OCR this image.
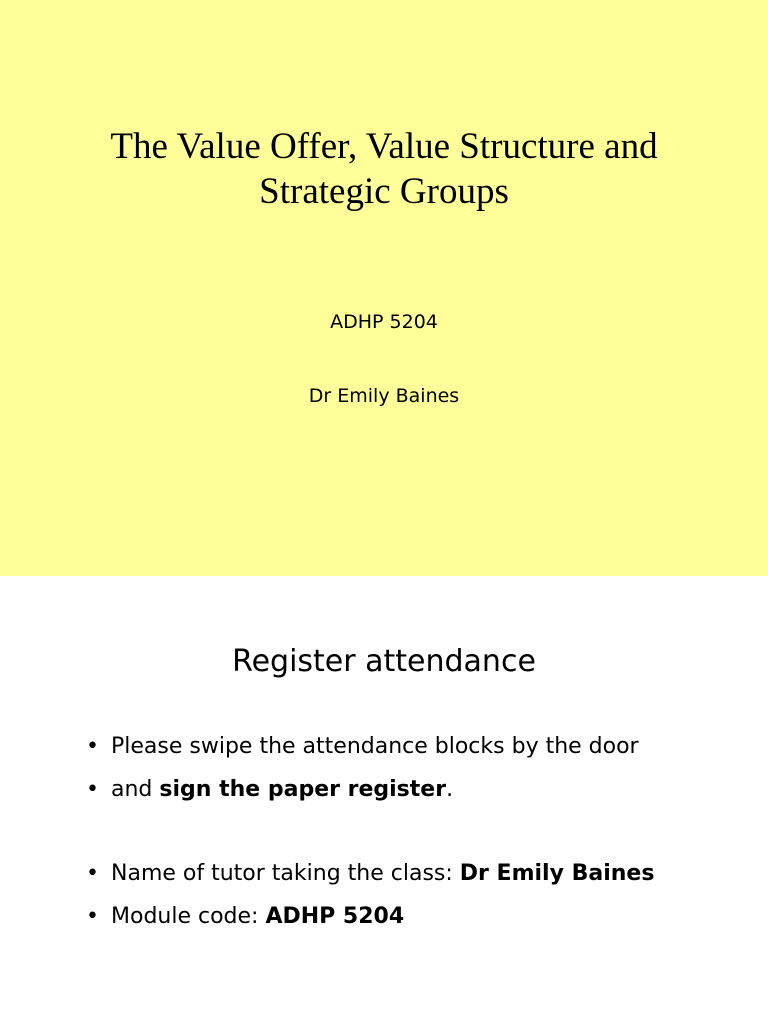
The Value Offer, Value Structure and
Strategic Groups
ADHP 5204
Dr Emily Baines
Register attendance
• Please swipe the attendance blocks by the door
• and sign the paper register.
• Name of tutor taking the class: Dr Emily Baines
• Module code: ADHP 5204
